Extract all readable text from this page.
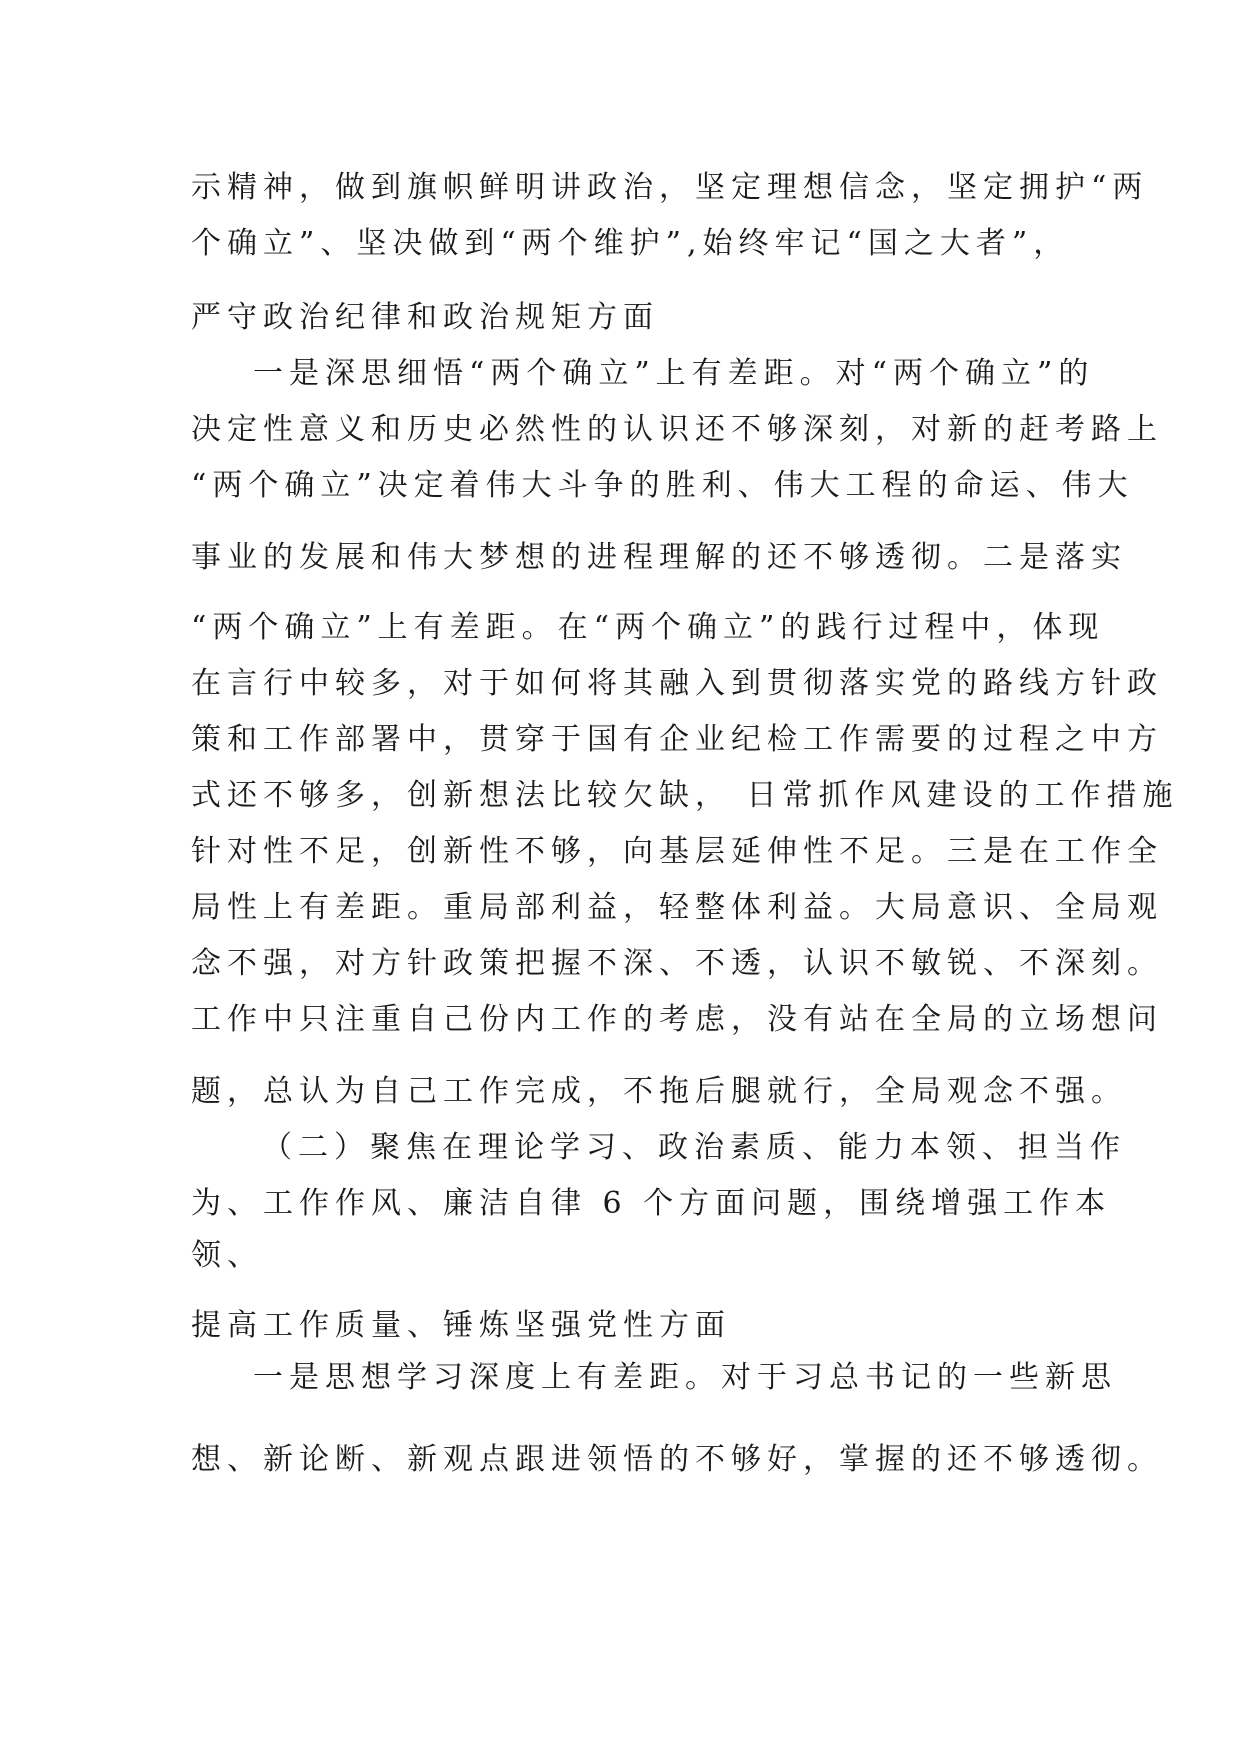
示精神，做到旗帜鲜明讲政治，坚定理想信念，坚定拥护“两
个确立”、坚决做到“两个维护”,始终牢记“国之大者”，
严守政治纪律和政治规矩方面
一是深思细悟“两个确立”上有差距。对“两个确立”的
决定性意义和历史必然性的认识还不够深刻，对新的赶考路上
“两个确立”决定着伟大斗争的胜利、伟大工程的命运、伟大
事业的发展和伟大梦想的进程理解的还不够透彻。二是落实
“两个确立”上有差距。在“两个确立”的践行过程中，体现
在言行中较多，对于如何将其融入到贯彻落实党的路线方针政
策和工作部署中，贯穿于国有企业纪检工作需要的过程之中方
式还不够多，创新想法比较欠缺， 日常抓作风建设的工作措施
针对性不足，创新性不够，向基层延伸性不足。三是在工作全
局性上有差距。重局部利益，轻整体利益。大局意识、全局观
念不强，对方针政策把握不深、不透，认识不敏锐、不深刻。
工作中只注重自己份内工作的考虑，没有站在全局的立场想问
题，总认为自己工作完成，不拖后腿就行，全局观念不强。
（二）聚焦在理论学习、政治素质、能力本领、担当作
为、工作作风、廉洁自律 6 个方面问题，围绕增强工作本
领、
提高工作质量、锤炼坚强党性方面
一是思想学习深度上有差距。对于习总书记的一些新思
想、新论断、新观点跟进领悟的不够好，掌握的还不够透彻。
